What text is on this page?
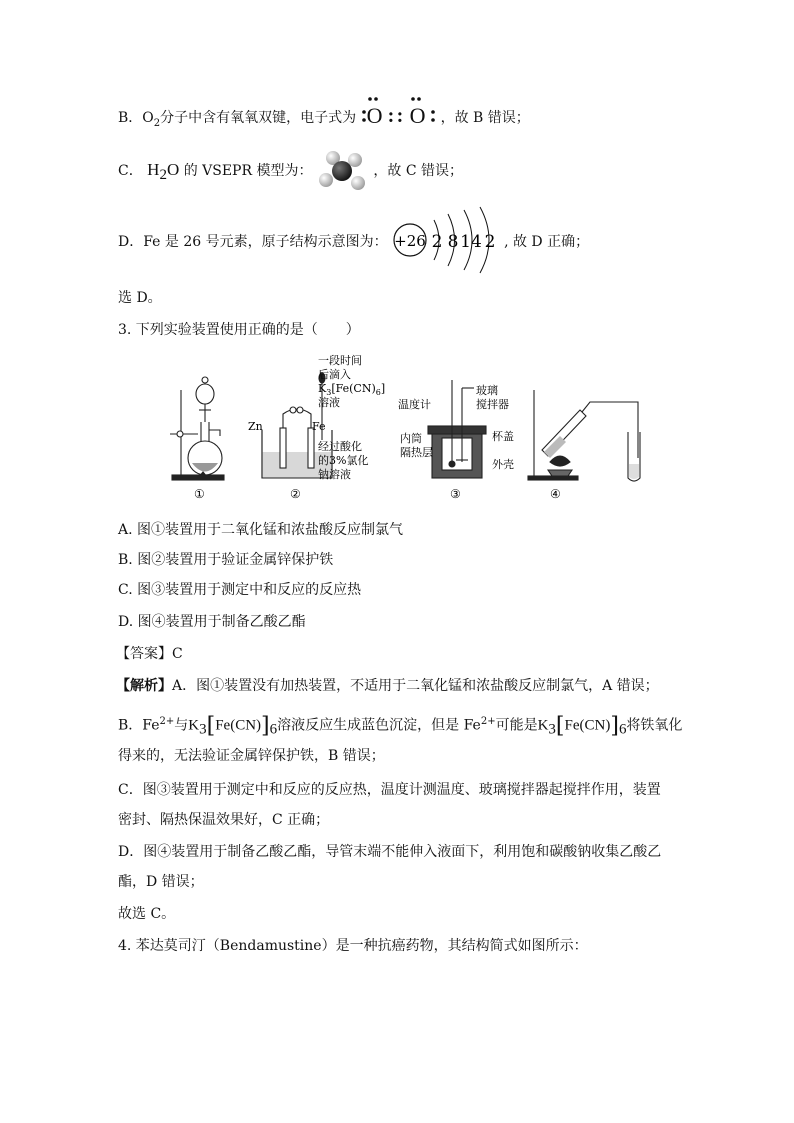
B．$O_2$分子中含有氧氧双键，电子式为 O : : O ，故 B 错误；
C． $H_2O$ 的 VSEPR 模型为：	，故 C 错误；
D．Fe 是 26 号元素，原子结构示意图为： +26 2 8 14 2 , 故 D 正确；
选 D。
3. 下列实验装置使用正确的是（　　）
①
Zn	Fe
一段时间
后滴入
$K_3[Fe(CN)_6]$
溶液
经过酸化
的3%氯化
钠溶液
②
温度计
玻璃
搅拌器
内筒
隔热层
杯盖
外壳
③	④
A. 图①装置用于二氧化锰和浓盐酸反应制氯气
B. 图②装置用于验证金属锌保护铁
C. 图③装置用于测定中和反应的反应热
D. 图④装置用于制备乙酸乙酯
【答案】C
【解析】A．图①装置没有加热装置，不适用于二氧化锰和浓盐酸反应制氯气，A 错误；
B．$Fe^{2+}$与$K_3[Fe(CN)]_6$溶液反应生成蓝色沉淀，但是 $Fe^{2+}$可能是$K_3[Fe(CN)]_6$将铁氧化
得来的，无法验证金属锌保护铁，B 错误；
C．图③装置用于测定中和反应的反应热，温度计测温度、玻璃搅拌器起搅拌作用，装置
密封、隔热保温效果好，C 正确；
D．图④装置用于制备乙酸乙酯，导管末端不能伸入液面下，利用饱和碳酸钠收集乙酸乙
酯，D 错误；
故选 C。
4. 苯达莫司汀（Bendamustine）是一种抗癌药物，其结构简式如图所示：
